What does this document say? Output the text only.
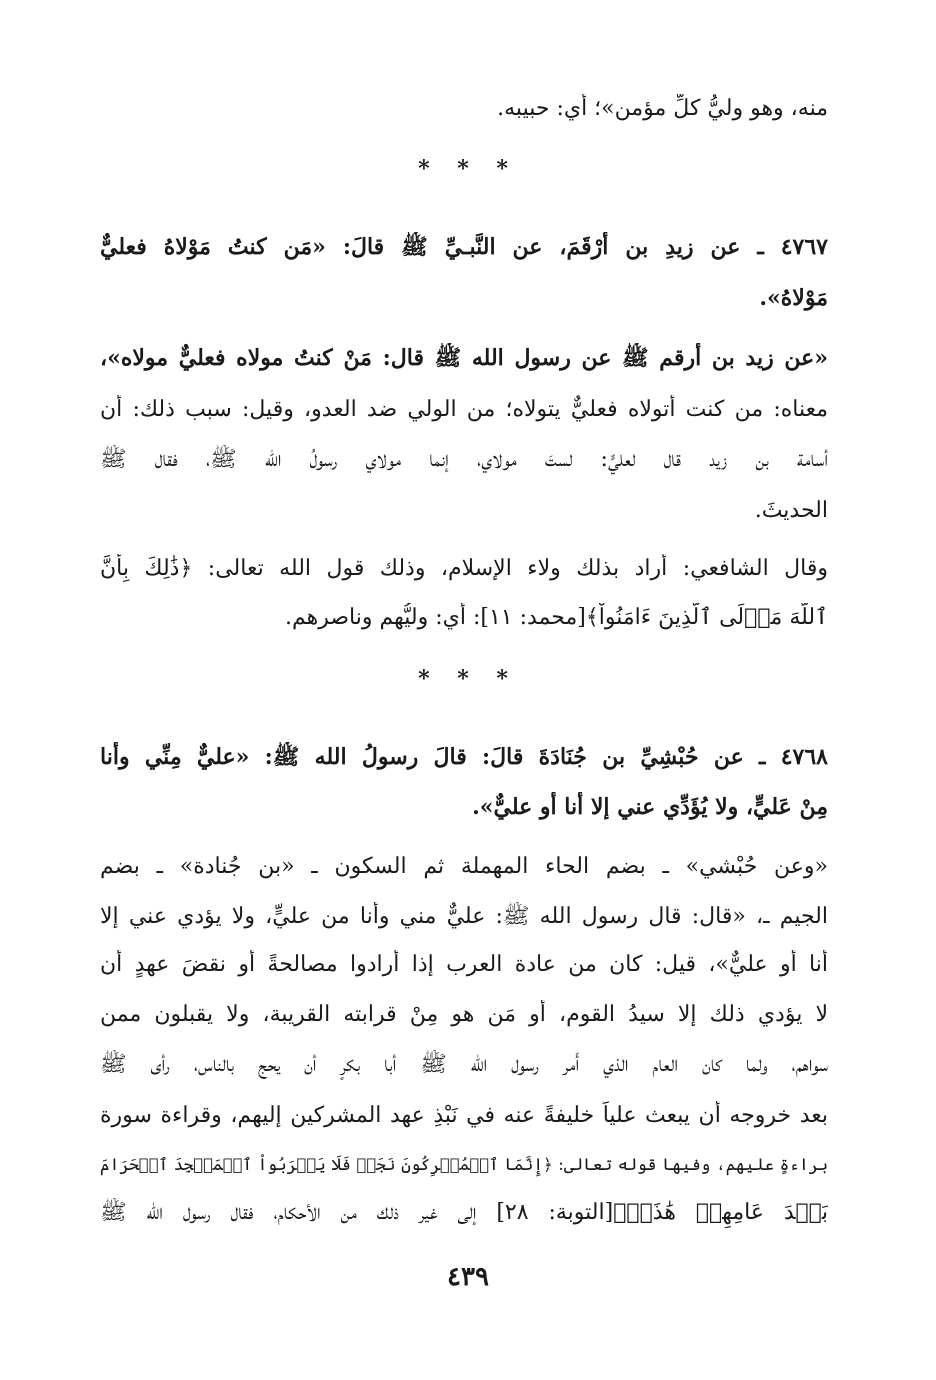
منه، وهو وليُّ كلِّ مؤمن»؛ أي: حبيبه.
* * *
٤٧٦٧ ـ عن زيدِ بن أَرْقَمَ، عن النَّبـيِّ ﷺ قالَ: «مَن كنتُ مَوْلاهُ فعليٌّ
مَوْلاهُ».
«عن زيد بن أرقم ﷺ عن رسول الله ﷺ قال: مَنْ كنتُ مولاه فعليٌّ مولاه»،
معناه: من كنت أتولاه فعليٌّ يتولاه؛ من الولي ضد العدو، وقيل: سبب ذلك: أن
أسامة بن زيد قال لعليٍّ: لستَ مولاي، إنما مولاي رسولُ الله ﷺ، فقال ﷺ
الحديثَ.
وقال الشافعي: أراد بذلك ولاء الإسلام، وذلك قول الله تعالى: ﴿ذَٰلِكَ بِأَنَّ
ٱللَّهَ مَوۡلَى ٱلَّذِينَ ءَامَنُواْ﴾[محمد: ١١]: أي: وليُّهم وناصرهم.
* * *
٤٧٦٨ ـ عن حُبْشِيِّ بن جُنَادَةَ قالَ: قالَ رسولُ الله ﷺ: «عليٌّ مِنِّي وأنا
مِنْ عَليٍّ، ولا يُؤَدِّي عني إلا أنا أو عليٌّ».
«وعن حُبْشي» ـ بضم الحاء المهملة ثم السكون ـ «بن جُنادة» ـ بضم
الجيم ـ، «قال: قال رسول الله ﷺ: عليٌّ مني وأنا من عليٍّ، ولا يؤدي عني إلا
أنا أو عليٌّ»، قيل: كان من عادة العرب إذا أرادوا مصالحةً أو نقضَ عهدٍ أن
لا يؤدي ذلك إلا سيدُ القوم، أو مَن هو مِنْ قرابته القريبة، ولا يقبلون ممن
سواهم، ولما كان العام الذي أَمر رسول الله ﷺ أبا بكرٍ أن يحج بالناس، رأى ﷺ
بعد خروجه أن يبعث علياً خليفةً عنه في نَبْذِ عهد المشركين إليهم، وقراءة سورة
براءةٍ عليهم، وفيها قوله تعالى: ﴿إِنَّمَا ٱلۡمُشۡرِكُونَ نَجَسٞ فَلَا يَقۡرَبُواْ ٱلۡمَسۡجِدَ ٱلۡحَرَامَ
بَعۡدَ عَامِهِمۡ هَٰذَاۚ﴾[التوبة: ٢٨] إلى غير ذلك من الأحكام، فقال رسول الله ﷺ
٤٣٩
